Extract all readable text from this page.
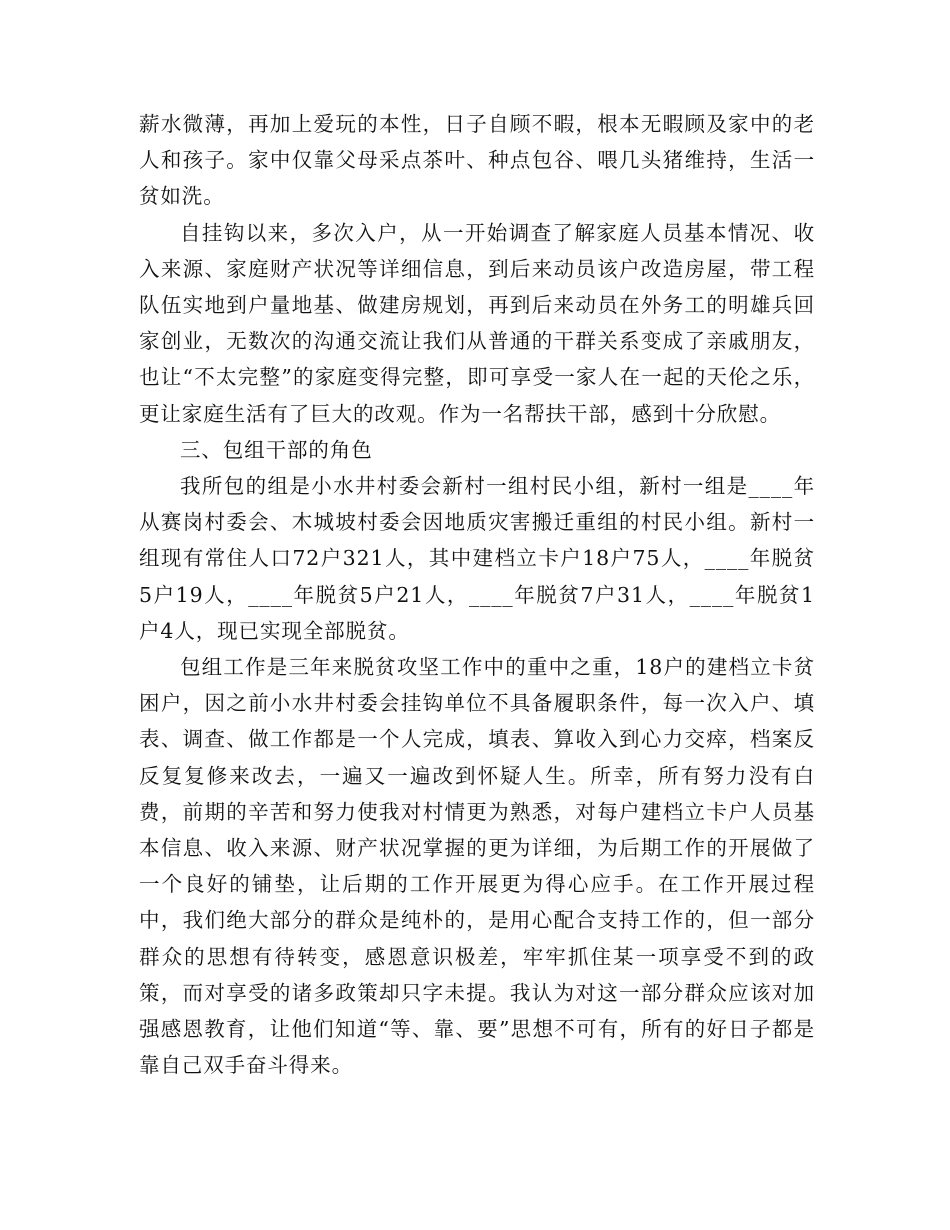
薪水微薄，再加上爱玩的本性，日子自顾不暇，根本无暇顾及家中的老人和孩子。家中仅靠父母采点茶叶、种点包谷、喂几头猪维持，生活一贫如洗。

自挂钩以来，多次入户，从一开始调查了解家庭人员基本情况、收入来源、家庭财产状况等详细信息，到后来动员该户改造房屋，带工程队伍实地到户量地基、做建房规划，再到后来动员在外务工的明雄兵回家创业，无数次的沟通交流让我们从普通的干群关系变成了亲戚朋友，也让“不太完整”的家庭变得完整，即可享受一家人在一起的天伦之乐，更让家庭生活有了巨大的改观。作为一名帮扶干部，感到十分欣慰。

三、包组干部的角色

我所包的组是小水井村委会新村一组村民小组，新村一组是____年从赛岗村委会、木城坡村委会因地质灾害搬迁重组的村民小组。新村一组现有常住人口72户321人，其中建档立卡户18户75人，____年脱贫5户19人，____年脱贫5户21人，____年脱贫7户31人，____年脱贫1户4人，现已实现全部脱贫。

包组工作是三年来脱贫攻坚工作中的重中之重，18户的建档立卡贫困户，因之前小水井村委会挂钩单位不具备履职条件，每一次入户、填表、调查、做工作都是一个人完成，填表、算收入到心力交瘁，档案反反复复修来改去，一遍又一遍改到怀疑人生。所幸，所有努力没有白费，前期的辛苦和努力使我对村情更为熟悉，对每户建档立卡户人员基本信息、收入来源、财产状况掌握的更为详细，为后期工作的开展做了一个良好的铺垫，让后期的工作开展更为得心应手。在工作开展过程中，我们绝大部分的群众是纯朴的，是用心配合支持工作的，但一部分群众的思想有待转变，感恩意识极差，牢牢抓住某一项享受不到的政策，而对享受的诸多政策却只字未提。我认为对这一部分群众应该对加强感恩教育，让他们知道“等、靠、要”思想不可有，所有的好日子都是靠自己双手奋斗得来。
